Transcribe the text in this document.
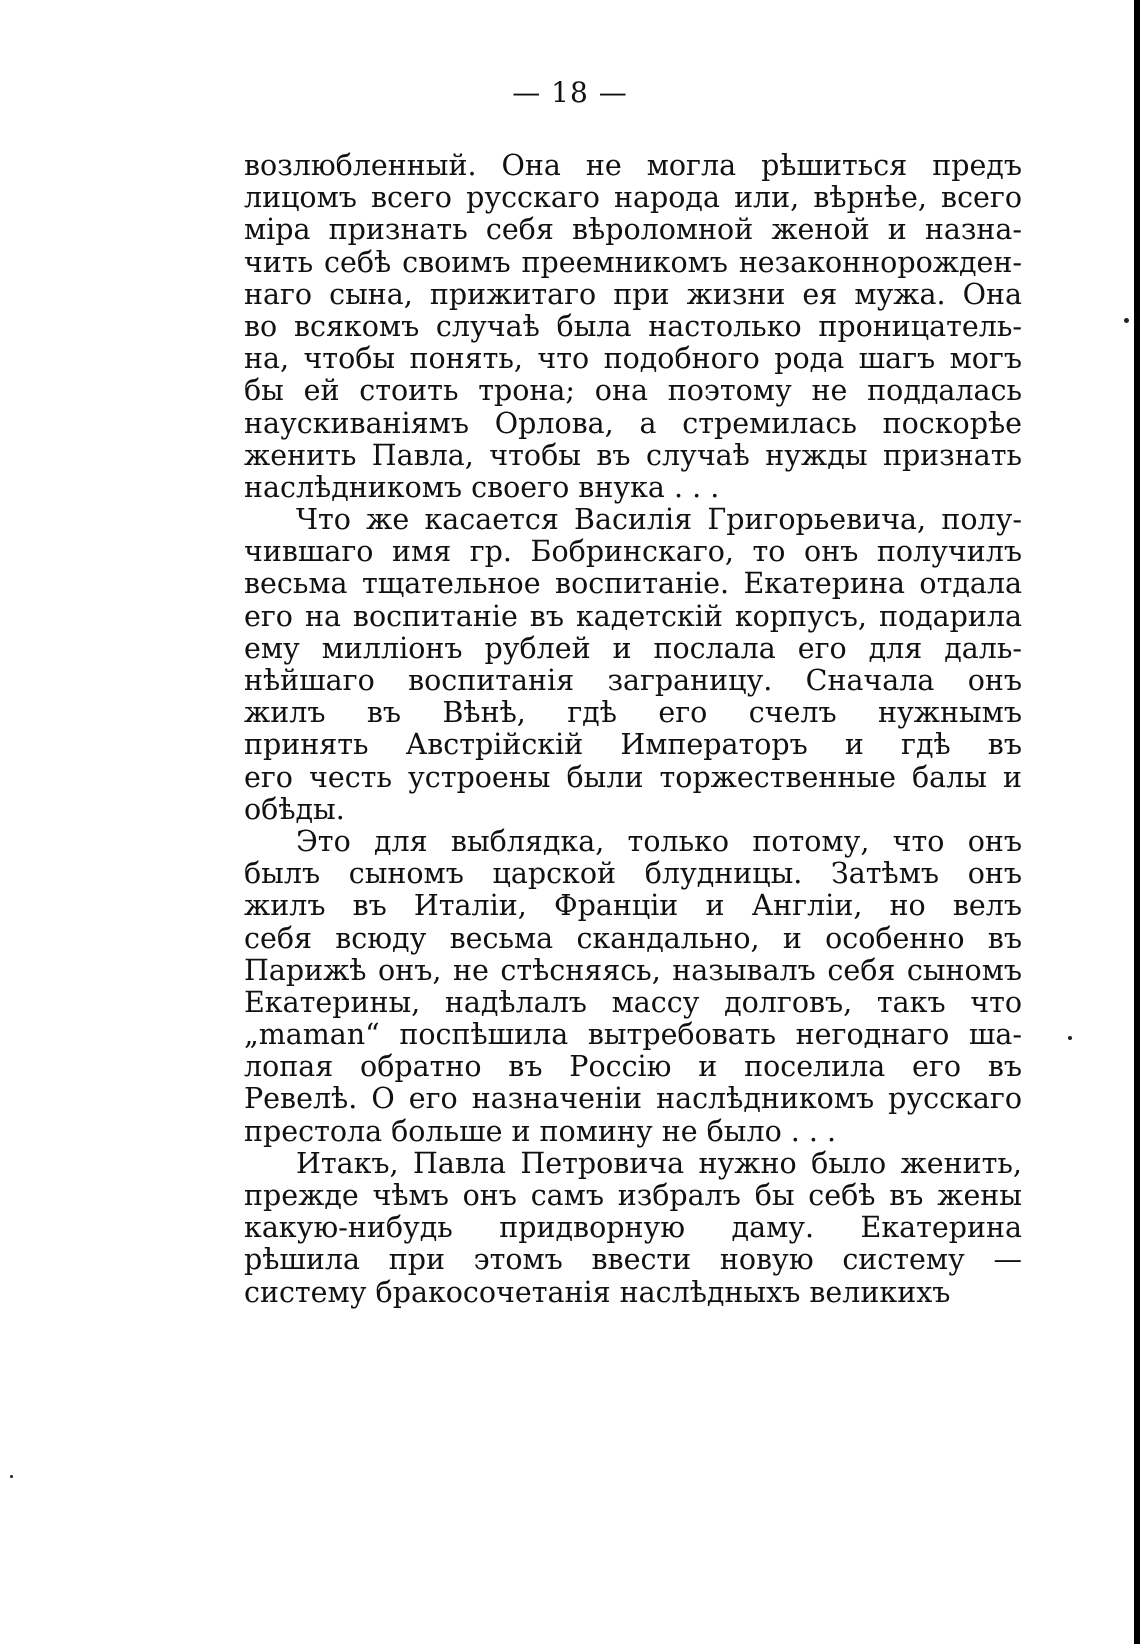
— 18 —
возлюбленный. Она не могла рѣшиться предъ
лицомъ всего русскаго народа или, вѣрнѣе, всего
міра признать себя вѣроломной женой и назна-
чить себѣ своимъ преемникомъ незаконнорожден-
наго сына, прижитаго при жизни ея мужа. Она
во всякомъ случаѣ была настолько проницатель-
на, чтобы понять, что подобного рода шагъ могъ
бы ей стоить трона; она поэтому не поддалась
наускиваніямъ Орлова, а стремилась поскорѣе
женить Павла, чтобы въ случаѣ нужды признать
наслѣдникомъ своего внука . . .
Что же касается Василія Григорьевича, полу-
чившаго имя гр. Бобринскаго, то онъ получилъ
весьма тщательное воспитаніе. Екатерина отдала
его на воспитаніе въ кадетскій корпусъ, подарила
ему милліонъ рублей и послала его для даль-
нѣйшаго воспитанія заграницу. Сначала онъ
жилъ въ Вѣнѣ, гдѣ его счелъ нужнымъ
принять Австрійскій Императоръ и гдѣ въ
его честь устроены были торжественные балы и
обѣды.
Это для выблядка, только потому, что онъ
былъ сыномъ царской блудницы. Затѣмъ онъ
жилъ въ Италіи, Франціи и Англіи, но велъ
себя всюду весьма скандально, и особенно въ
Парижѣ онъ, не стѣсняясь, называлъ себя сыномъ
Екатерины, надѣлалъ массу долговъ, такъ что
„maman“ поспѣшила вытребовать негоднаго ша-
лопая обратно въ Россію и поселила его въ
Ревелѣ. О его назначеніи наслѣдникомъ русскаго
престола больше и помину не было . . .
Итакъ, Павла Петровича нужно было женить,
прежде чѣмъ онъ самъ избралъ бы себѣ въ жены
какую-нибудь придворную даму. Екатерина
рѣшила при этомъ ввести новую систему —
систему бракосочетанія наслѣдныхъ великихъ
